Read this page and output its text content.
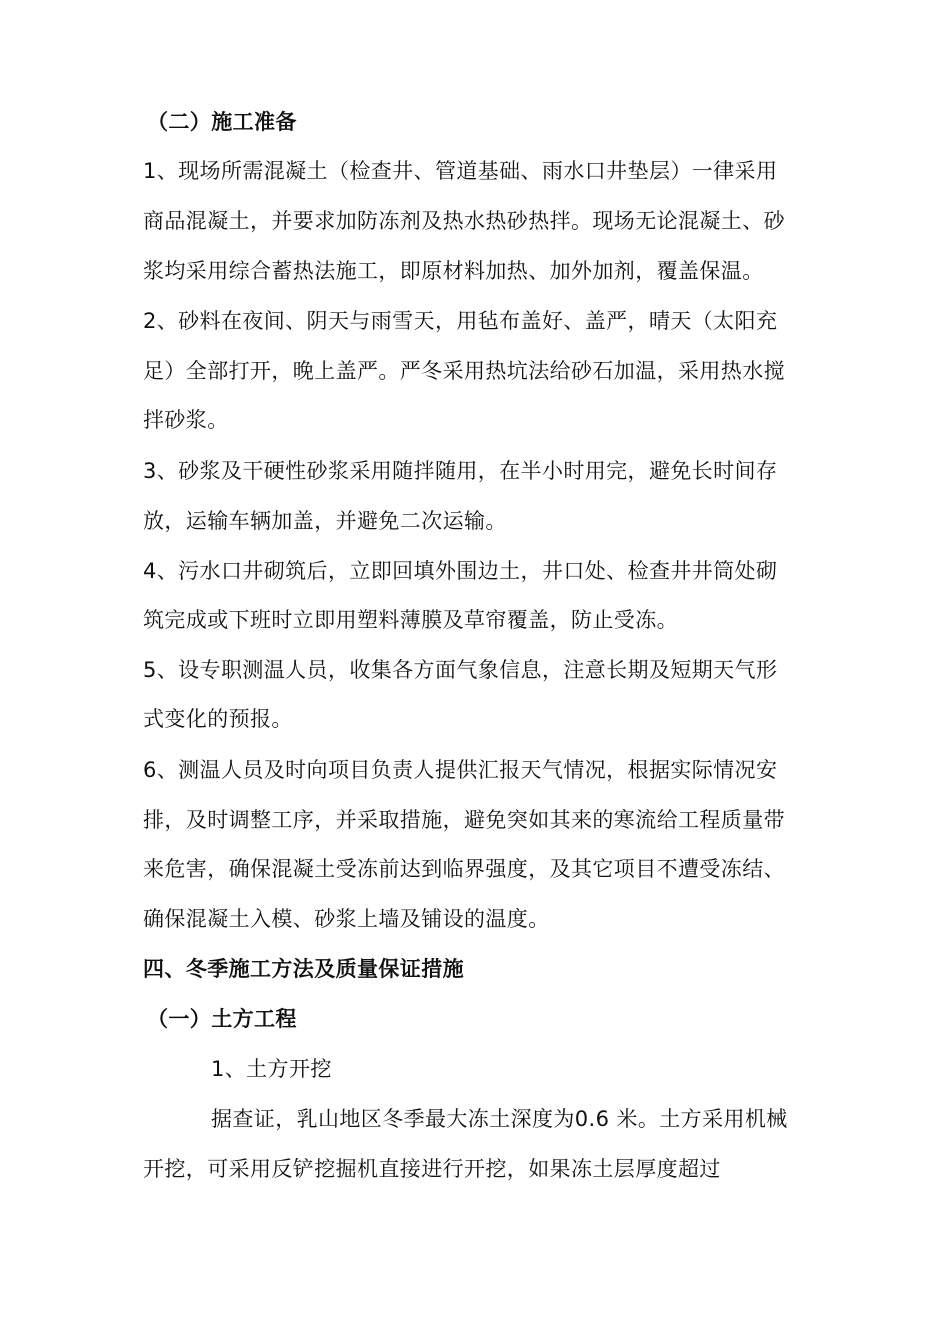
（二）施工准备
1、现场所需混凝土（检查井、管道基础、雨水口井垫层）一律采用
商品混凝土，并要求加防冻剂及热水热砂热拌。现场无论混凝土、砂
浆均采用综合蓄热法施工，即原材料加热、加外加剂，覆盖保温。
2、砂料在夜间、阴天与雨雪天，用毡布盖好、盖严，晴天（太阳充
足）全部打开，晚上盖严。严冬采用热坑法给砂石加温，采用热水搅
拌砂浆。
3、砂浆及干硬性砂浆采用随拌随用，在半小时用完，避免长时间存
放，运输车辆加盖，并避免二次运输。
4、污水口井砌筑后，立即回填外围边土，井口处、检查井井筒处砌
筑完成或下班时立即用塑料薄膜及草帘覆盖，防止受冻。
5、设专职测温人员，收集各方面气象信息，注意长期及短期天气形
式变化的预报。
6、测温人员及时向项目负责人提供汇报天气情况，根据实际情况安
排，及时调整工序，并采取措施，避免突如其来的寒流给工程质量带
来危害，确保混凝土受冻前达到临界强度，及其它项目不遭受冻结、
确保混凝土入模、砂浆上墙及铺设的温度。
四、冬季施工方法及质量保证措施
（一）土方工程
1、土方开挖
据查证，乳山地区冬季最大冻土深度为0.6 米。土方采用机械
开挖，可采用反铲挖掘机直接进行开挖，如果冻土层厚度超过
